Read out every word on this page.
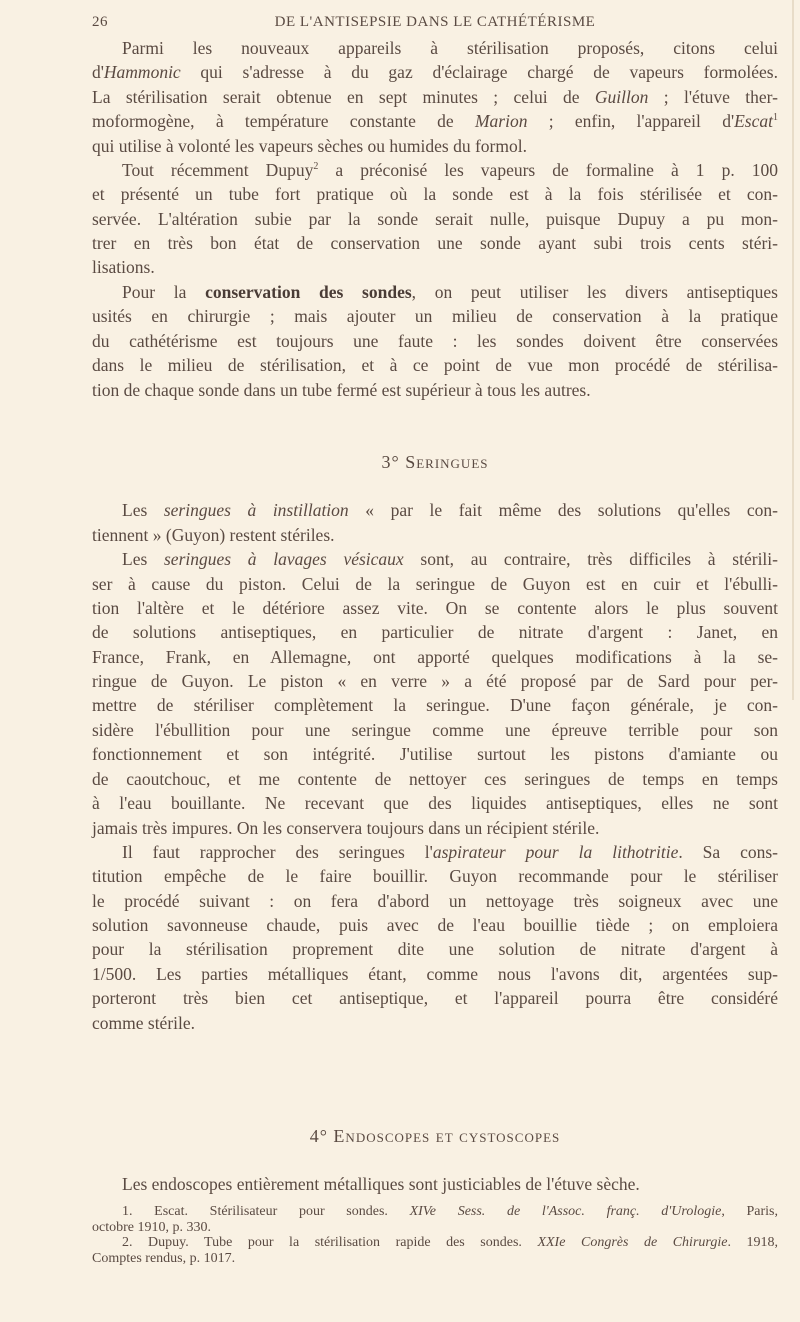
26	DE L'ANTISEPSIE DANS LE CATHÉTÉRISME
3° Seringues
4° Endoscopes et cystoscopes
Parmi les nouveaux appareils à stérilisation proposés, citons celui
d'Hammonic qui s'adresse à du gaz d'éclairage chargé de vapeurs formolées.
La stérilisation serait obtenue en sept minutes ; celui de Guillon ; l'étuve ther-
moformogène, à température constante de Marion ; enfin, l'appareil d'Escat$^1$
qui utilise à volonté les vapeurs sèches ou humides du formol.
Tout récemment Dupuy$^2$ a préconisé les vapeurs de formaline à 1 p. 100
et présenté un tube fort pratique où la sonde est à la fois stérilisée et con-
servée. L'altération subie par la sonde serait nulle, puisque Dupuy a pu mon-
trer en très bon état de conservation une sonde ayant subi trois cents stéri-
lisations.
Pour la conservation des sondes, on peut utiliser les divers antiseptiques
usités en chirurgie ; mais ajouter un milieu de conservation à la pratique
du cathétérisme est toujours une faute : les sondes doivent être conservées
dans le milieu de stérilisation, et à ce point de vue mon procédé de stérilisa-
tion de chaque sonde dans un tube fermé est supérieur à tous les autres.
Les seringues à instillation « par le fait même des solutions qu'elles con-
tiennent » (Guyon) restent stériles.
Les seringues à lavages vésicaux sont, au contraire, très difficiles à stérili-
ser à cause du piston. Celui de la seringue de Guyon est en cuir et l'ébulli-
tion l'altère et le détériore assez vite. On se contente alors le plus souvent
de solutions antiseptiques, en particulier de nitrate d'argent : Janet, en
France, Frank, en Allemagne, ont apporté quelques modifications à la se-
ringue de Guyon. Le piston « en verre » a été proposé par de Sard pour per-
mettre de stériliser complètement la seringue. D'une façon générale, je con-
sidère l'ébullition pour une seringue comme une épreuve terrible pour son
fonctionnement et son intégrité. J'utilise surtout les pistons d'amiante ou
de caoutchouc, et me contente de nettoyer ces seringues de temps en temps
à l'eau bouillante. Ne recevant que des liquides antiseptiques, elles ne sont
jamais très impures. On les conservera toujours dans un récipient stérile.
Il faut rapprocher des seringues l'aspirateur pour la lithotritie. Sa cons-
titution empêche de le faire bouillir. Guyon recommande pour le stériliser
le procédé suivant : on fera d'abord un nettoyage très soigneux avec une
solution savonneuse chaude, puis avec de l'eau bouillie tiède ; on emploiera
pour la stérilisation proprement dite une solution de nitrate d'argent à
1/500. Les parties métalliques étant, comme nous l'avons dit, argentées sup-
porteront très bien cet antiseptique, et l'appareil pourra être considéré
comme stérile.
Les endoscopes entièrement métalliques sont justiciables de l'étuve sèche.
1. Escat. Stérilisateur pour sondes. XIVe Sess. de l'Assoc. franç. d'Urologie, Paris,
octobre 1910, p. 330.
2. Dupuy. Tube pour la stérilisation rapide des sondes. XXIe Congrès de Chirurgie. 1918,
Comptes rendus, p. 1017.
